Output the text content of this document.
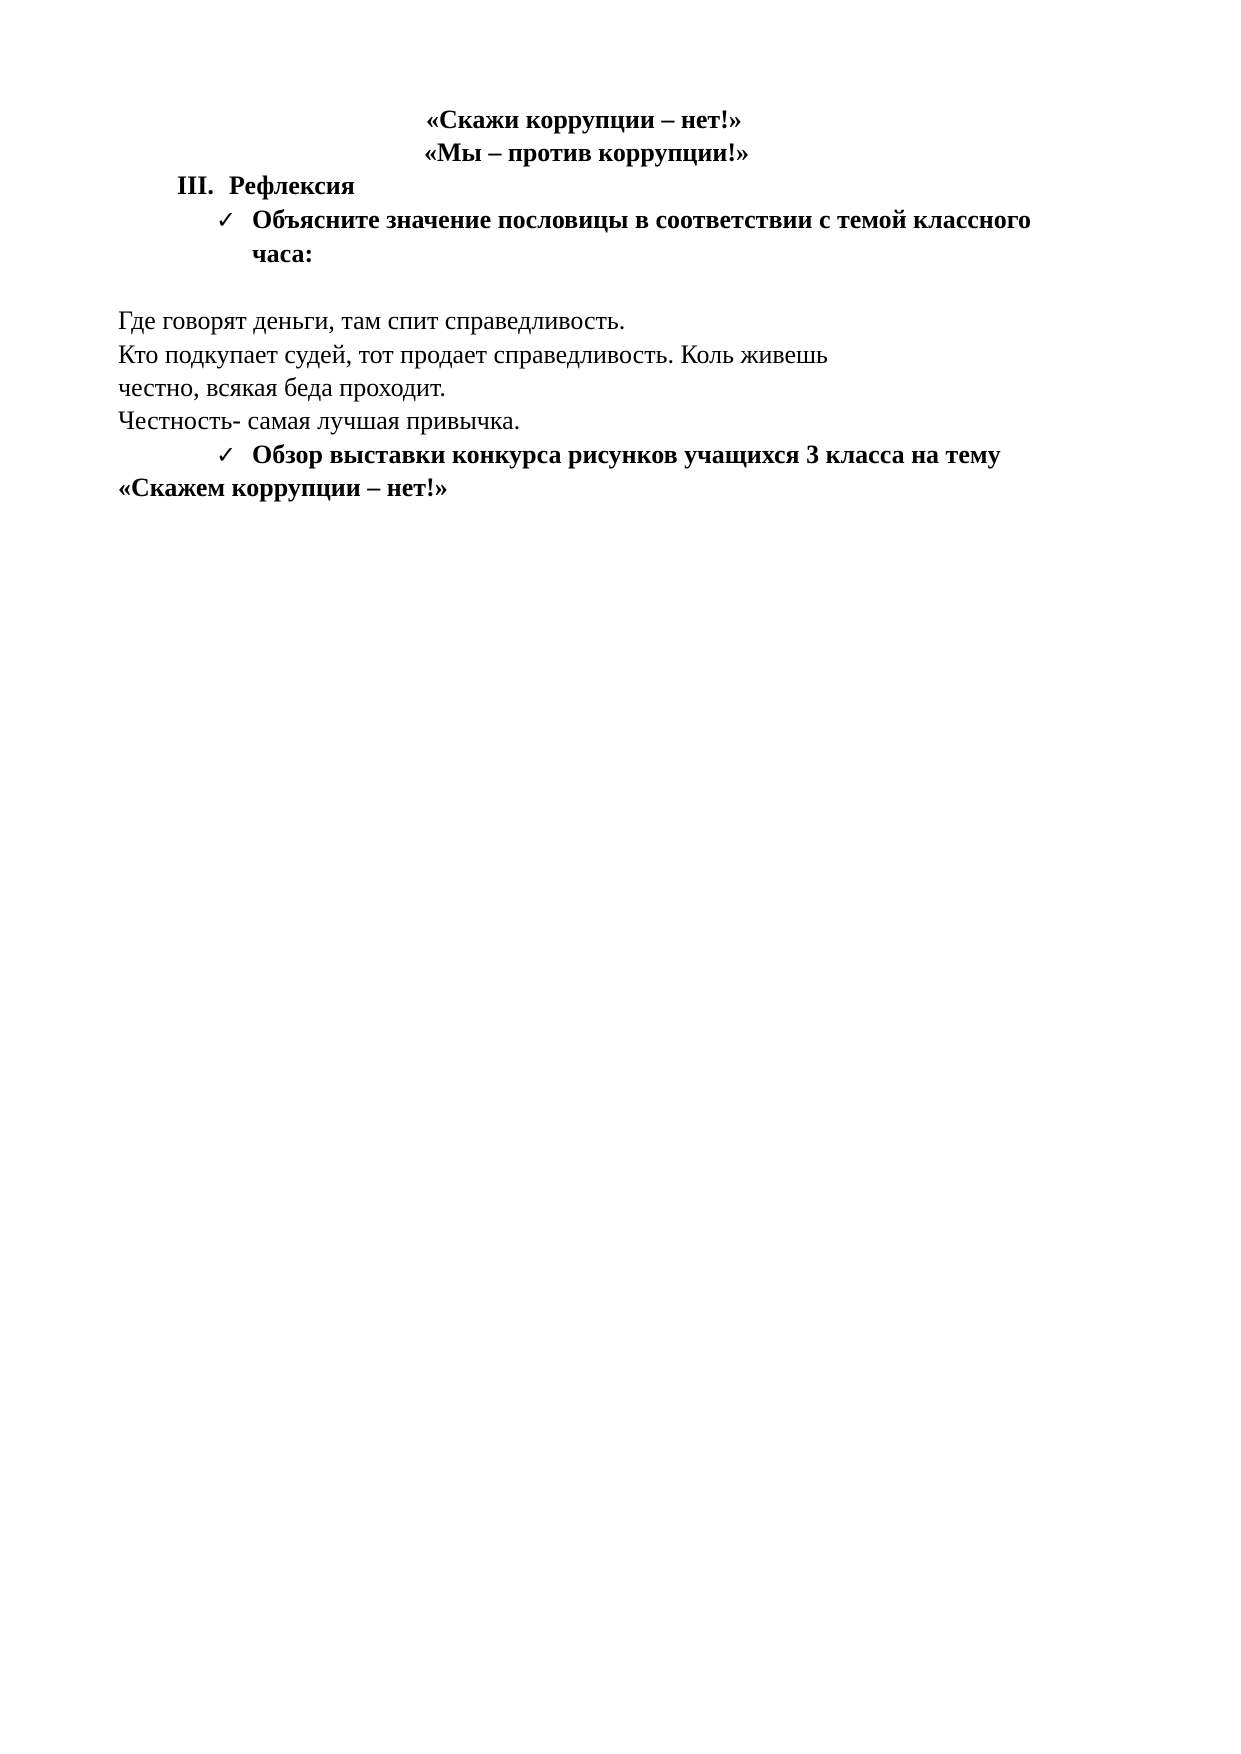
«Скажи коррупции – нет!»
«Мы – против коррупции!»
III. Рефлексия
✓ Объясните значение пословицы в соответствии с темой классного
часа:
Где говорят деньги, там спит справедливость.
Кто подкупает судей, тот продает справедливость. Коль живешь
честно, всякая беда проходит.
Честность- самая лучшая привычка.
✓ Обзор выставки конкурса рисунков учащихся 3 класса на тему
«Скажем коррупции – нет!»
